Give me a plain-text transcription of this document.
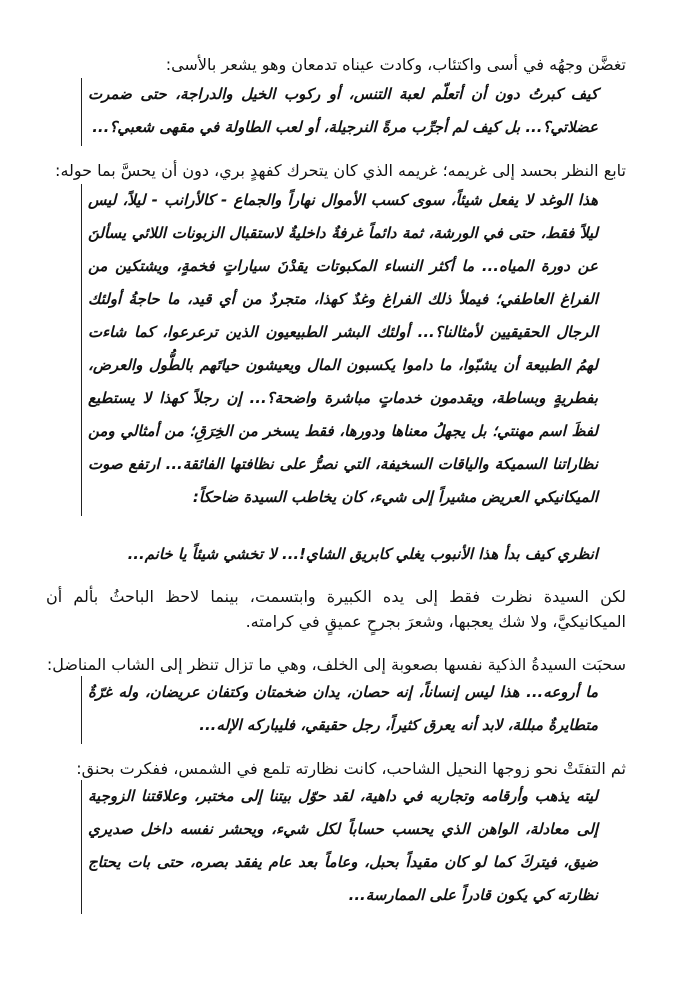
تغضَّن وجهُه في أسى واكتئاب، وكادت عيناه تدمعان وهو يشعر بالأسى:

كيف كبرتُ دون أن أتعلّم لعبة التنس، أو ركوب الخيل والدراجة، حتى ضمرت عضلاتي؟... بل كيف لم أجرِّب مرةً النرجيلة، أو لعب الطاولة في مقهى شعبي؟...

تابع النظر بحسد إلى غريمه؛ غريمه الذي كان يتحرك كفهدٍ بري، دون أن يحسَّ بما حوله:

هذا الوغد لا يفعل شيئاً، سوى كسب الأموال نهاراً والجماع - كالأرانب - ليلاً، ليس ليلاً فقط، حتى في الورشة، ثمة دائماً غرفةٌ داخليةٌ لاستقبال الزبونات اللائي يسألنَ عن دورة المياه... ما أكثر النساء المكبوتات يقدْنَ سياراتٍ فخمةٍ، ويشتكين من الفراغ العاطفي؛ فيملأ ذلك الفراغ وغدٌ كهذا، متجردٌ من أي قيد، ما حاجةُ أولئك الرجال الحقيقيين لأمثالنا؟... أولئك البشر الطبيعيون الذين ترعرعوا، كما شاءت لهمُ الطبيعة أن يشبّوا، ما داموا يكسبون المال ويعيشون حياتَهم بالطُّول والعرض، بفطريةٍ وبساطة، ويقدمون خدماتٍ مباشرة واضحة؟... إن رجلاً كهذا لا يستطيع لفظَ اسم مهنتي؛ بل يجهلُ معناها ودورها، فقط يسخر من الخِرَقِ؛ من أمثالي ومن نظاراتنا السميكة والياقات السخيفة، التي نصرُّ على نظافتها الفائقة... ارتفع صوت الميكانيكي العريض مشيراً إلى شيء، كان يخاطب السيدة ضاحكاً:

انظري كيف بدأ هذا الأنبوب يغلي كابريق الشاي!... لا تخشي شيئاً يا خانم...

لكن السيدة نظرت فقط إلى يده الكبيرة وابتسمت، بينما لاحظ الباحثُ بألم أن الميكانيكيَّ، ولا شك يعجبها، وشعرَ بجرحٍ عميقٍ في كرامته.

سحبَت السيدةُ الذكية نفسها بصعوبة إلى الخلف، وهي ما تزال تنظر إلى الشاب المناضل:

ما أروعه... هذا ليس إنساناً، إنه حصان، يدان ضخمتان وكتفان عريضان، وله غرّةٌ متطايرةٌ مبللة، لابد أنه يعرق كثيراً، رجل حقيقي، فليباركه الإله...

ثم التفتَتْ نحو زوجها النحيل الشاحب، كانت نظارته تلمع في الشمس، ففكرت بحنق:

ليته يذهب وأرقامه وتجاربه في داهية، لقد حوّل بيتنا إلى مختبر، وعلاقتنا الزوجية إلى معادلة، الواهن الذي يحسب حساباً لكل شيء، ويحشر نفسه داخل صديري ضيق، فيتركَ كما لو كان مقيداً بحبل، وعاماً بعد عام يفقد بصره، حتى بات يحتاج نظارته كي يكون قادراً على الممارسة...
